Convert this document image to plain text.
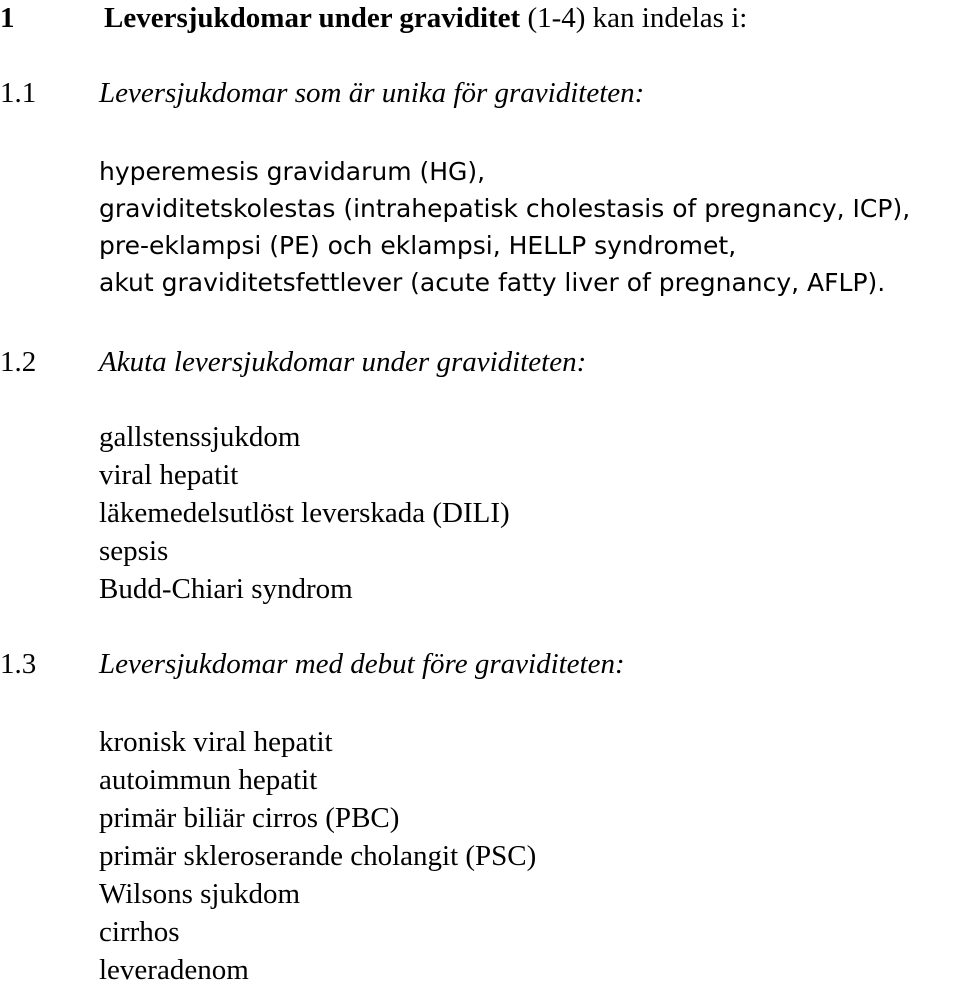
1	Leversjukdomar under graviditet (1-4) kan indelas i:
1.1 Leversjukdomar som är unika för graviditeten:
hyperemesis gravidarum (HG),
graviditetskolestas (intrahepatisk cholestasis of pregnancy, ICP),
pre-eklampsi (PE) och eklampsi, HELLP syndromet,
akut graviditetsfettlever (acute fatty liver of pregnancy, AFLP).
1.2 Akuta leversjukdomar under graviditeten:
gallstenssjukdom
viral hepatit
läkemedelsutlöst leverskada (DILI)
sepsis
Budd-Chiari syndrom
1.3 Leversjukdomar med debut före graviditeten:
kronisk viral hepatit
autoimmun hepatit
primär biliär cirros (PBC)
primär skleroserande cholangit (PSC)
Wilsons sjukdom
cirrhos
leveradenom
